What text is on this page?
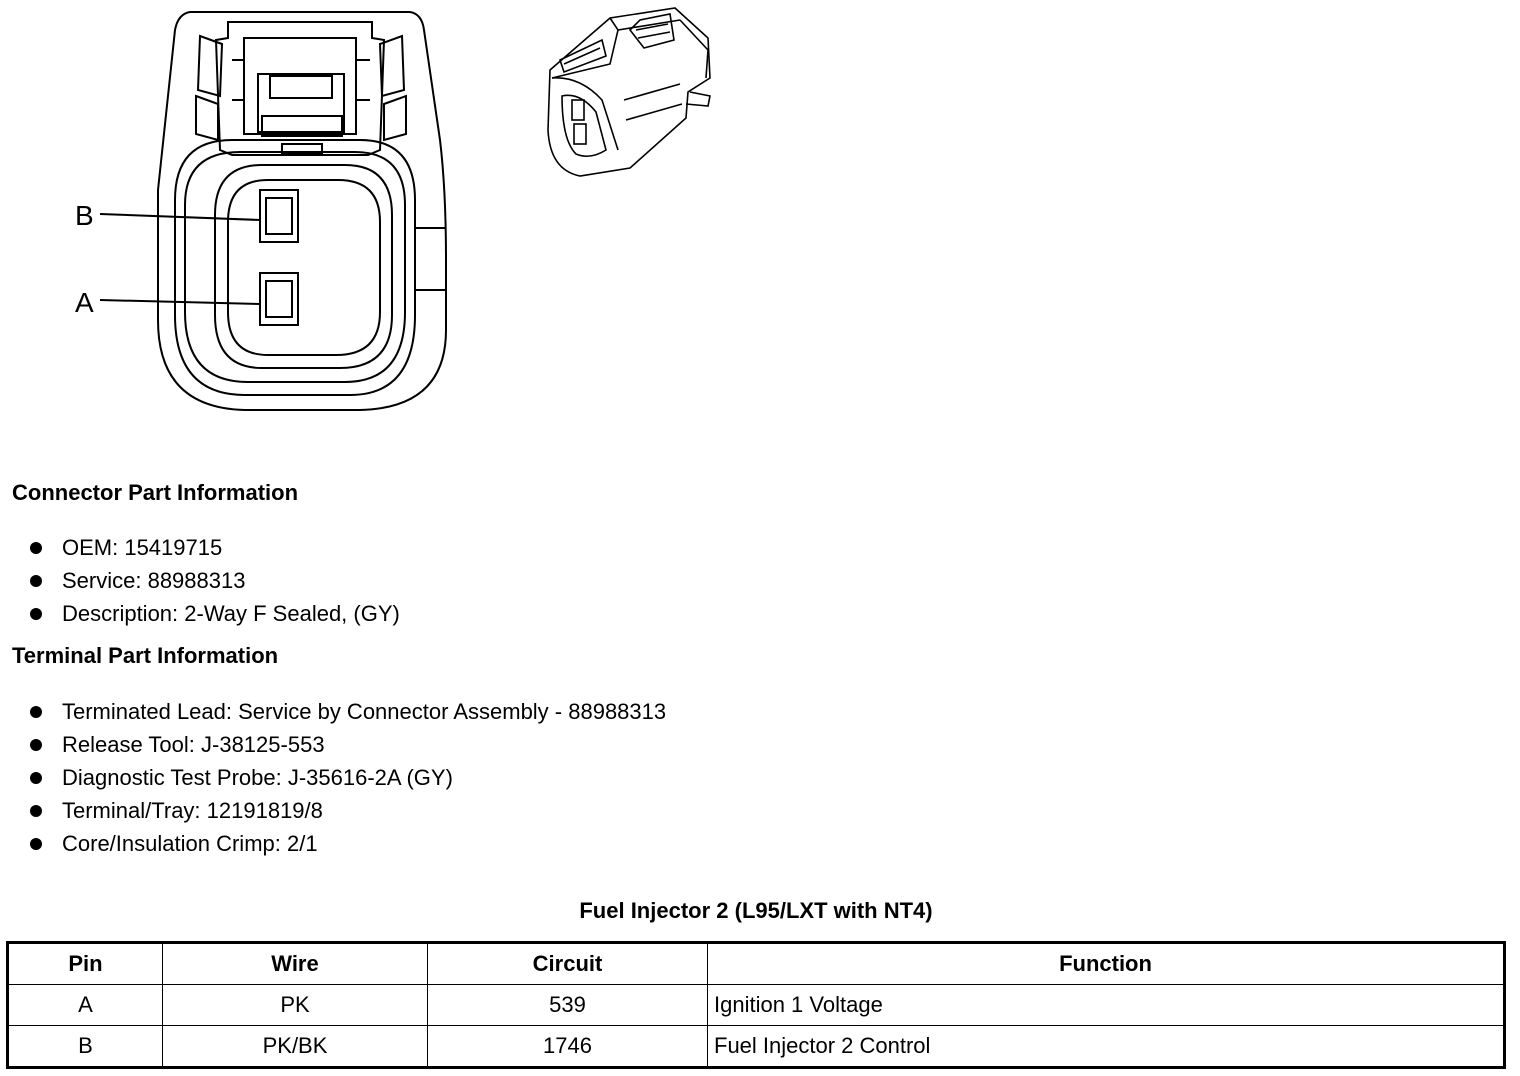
B
A
Connector Part Information
OEM: 15419715
Service: 88988313
Description: 2-Way F Sealed, (GY)
Terminal Part Information
Terminated Lead: Service by Connector Assembly - 88988313
Release Tool: J-38125-553
Diagnostic Test Probe: J-35616-2A (GY)
Terminal/Tray: 12191819/8
Core/Insulation Crimp: 2/1
Fuel Injector 2 (L95/LXT with NT4)
Pin	Wire	Circuit	Function
A	PK	539	Ignition 1 Voltage
B	PK/BK	1746	Fuel Injector 2 Control
